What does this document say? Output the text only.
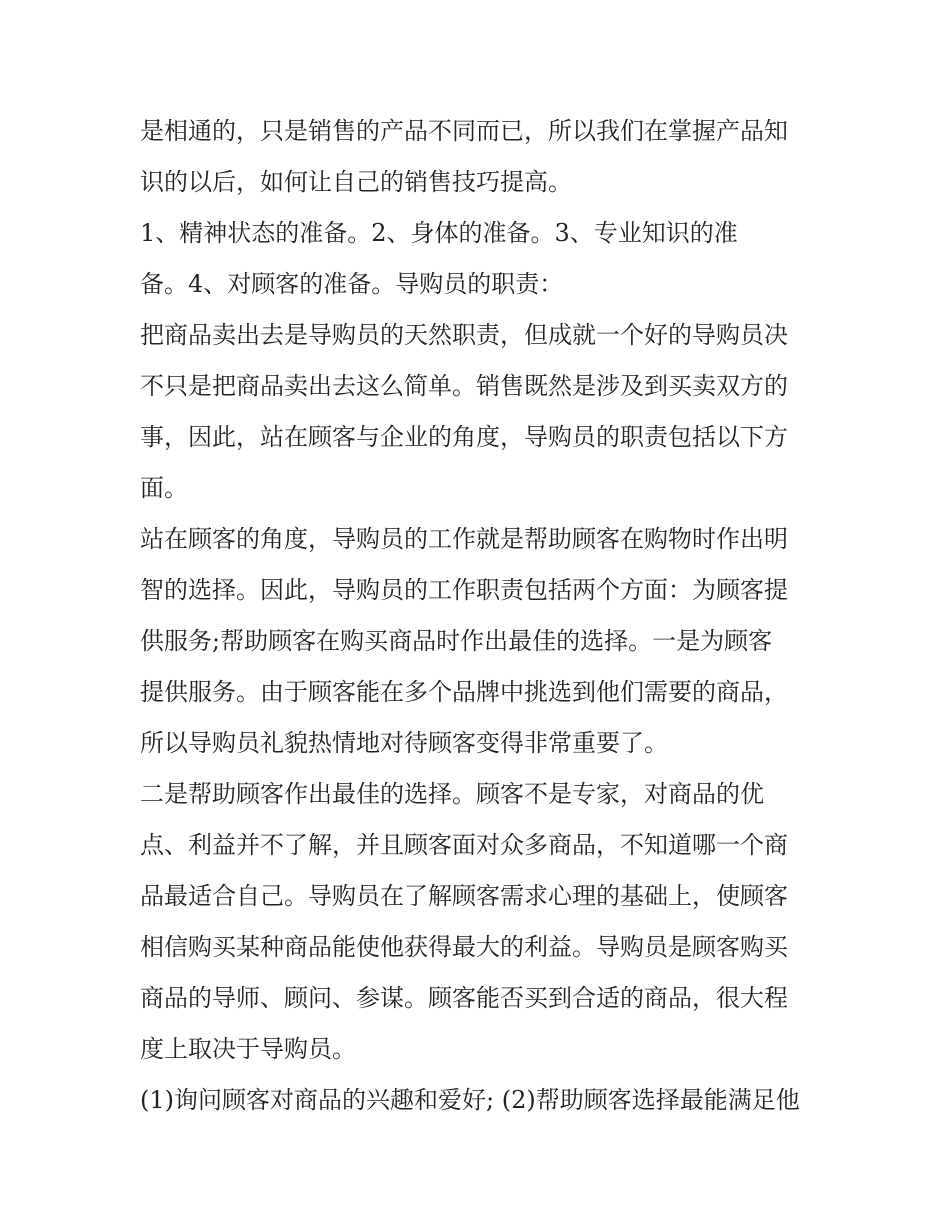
是相通的，只是销售的产品不同而已，所以我们在掌握产品知
识的以后，如何让自己的销售技巧提高。
1、精神状态的准备。2、身体的准备。3、专业知识的准
备。4、对顾客的准备。导购员的职责：
把商品卖出去是导购员的天然职责，但成就一个好的导购员决
不只是把商品卖出去这么简单。销售既然是涉及到买卖双方的
事，因此，站在顾客与企业的角度，导购员的职责包括以下方
面。
站在顾客的角度，导购员的工作就是帮助顾客在购物时作出明
智的选择。因此，导购员的工作职责包括两个方面：为顾客提
供服务;帮助顾客在购买商品时作出最佳的选择。一是为顾客
提供服务。由于顾客能在多个品牌中挑选到他们需要的商品，
所以导购员礼貌热情地对待顾客变得非常重要了。
二是帮助顾客作出最佳的选择。顾客不是专家，对商品的优
点、利益并不了解，并且顾客面对众多商品，不知道哪一个商
品最适合自己。导购员在了解顾客需求心理的基础上，使顾客
相信购买某种商品能使他获得最大的利益。导购员是顾客购买
商品的导师、顾问、参谋。顾客能否买到合适的商品，很大程
度上取决于导购员。
(1)询问顾客对商品的兴趣和爱好; (2)帮助顾客选择最能满足他
